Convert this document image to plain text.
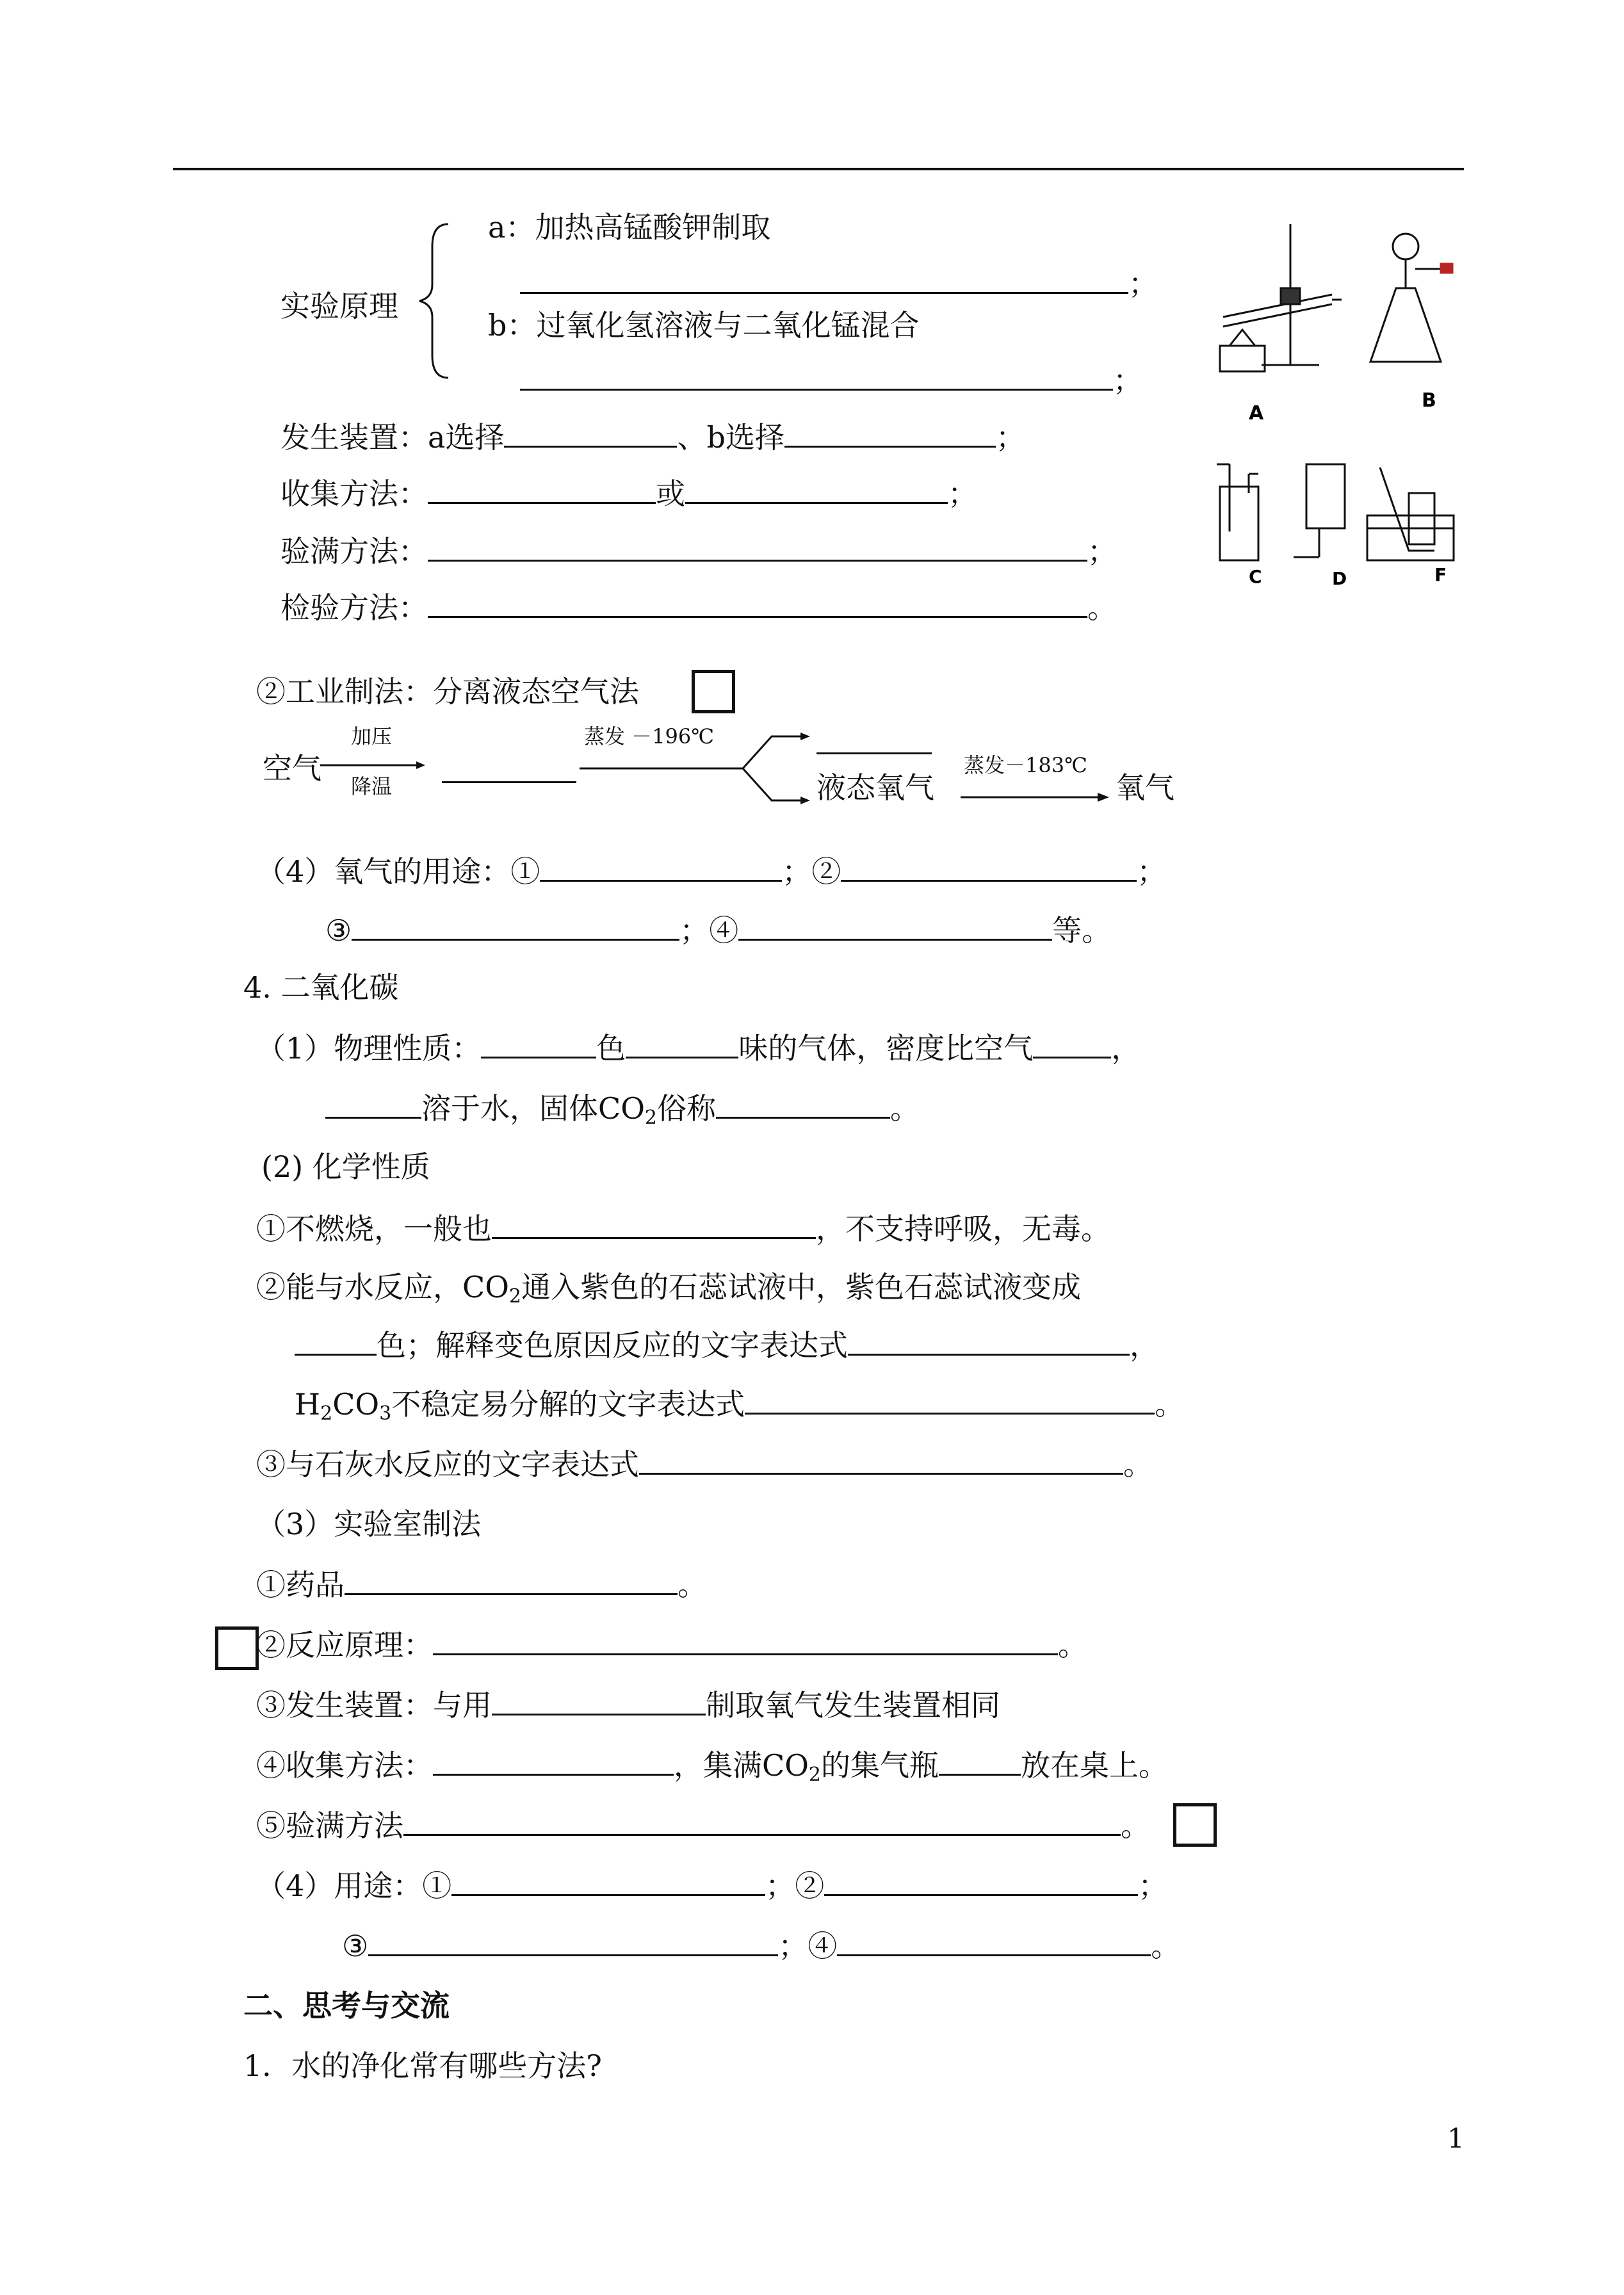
实验原理
a：加热高锰酸钾制取
；
b：过氧化氢溶液与二氧化锰混合
；
发生装置：a选择	、b选择	；
收集方法：	或	；
验满方法：	；
检验方法：	。
A
B
C	D	F
②工业制法：分离液态空气法
空气
加压
降温
蒸发 －196℃
液态氧气
蒸发－183℃
氧气
（4）氧气的用途：①	；②	；
③	；④	等。
4. 二氧化碳
（1）物理性质：	色	味的气体，密度比空气	，
溶于水，固体$CO_2$俗称	。
(2) 化学性质
①不燃烧，一般也	，不支持呼吸，无毒。
②能与水反应，$CO_2$通入紫色的石蕊试液中，紫色石蕊试液变成
色；解释变色原因反应的文字表达式	，
$H_2CO_3$不稳定易分解的文字表达式	。
③与石灰水反应的文字表达式	。
（3）实验室制法
①药品	。
②反应原理：	。
③发生装置：与用	制取氧气发生装置相同
④收集方法：	，集满$CO_2$的集气瓶	放在桌上。
⑤验满方法	。
（4）用途：①	；②	；
③	；④	。
二、思考与交流
1．水的净化常有哪些方法?
1
